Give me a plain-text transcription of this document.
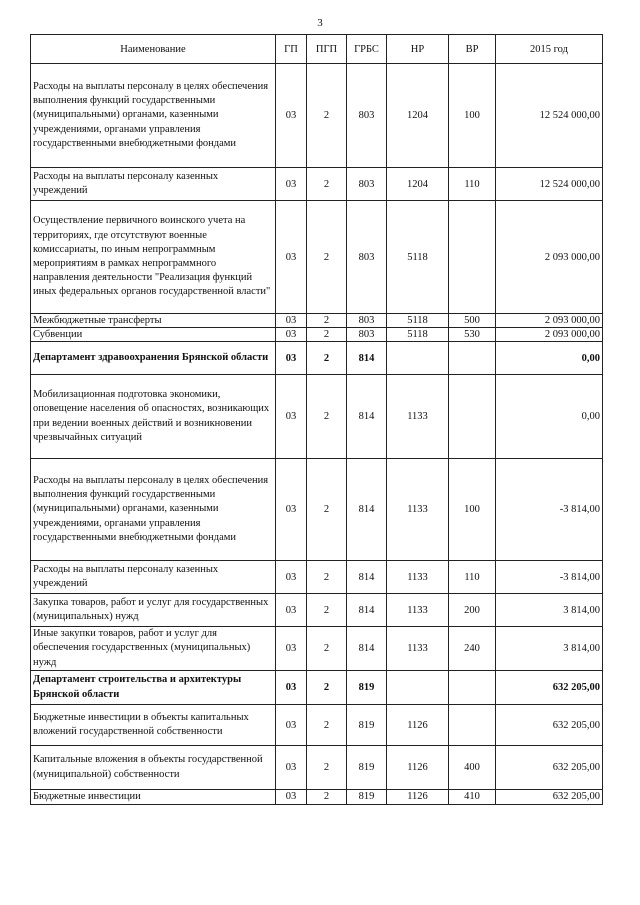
3
Наименование	ГП	ПГП	ГРБС	НР	ВР	2015 год
Расходы на выплаты персоналу в целях обеспечения выполнения функций государственными (муниципальными) органами, казенными учреждениями, органами управления государственными внебюджетными фондами	03	2	803	1204	100	12 524 000,00
Расходы на выплаты персоналу казенных учреждений	03	2	803	1204	110	12 524 000,00
Осуществление первичного воинского учета на территориях, где отсутствуют военные комиссариаты, по иным непрограммным мероприятиям в рамках непрограммного направления деятельности "Реализация функций иных федеральных органов государственной власти"	03	2	803	5118		2 093 000,00
Межбюджетные трансферты	03	2	803	5118	500	2 093 000,00
Субвенции	03	2	803	5118	530	2 093 000,00
Департамент здравоохранения Брянской области	03	2	814			0,00
Мобилизационная подготовка экономики, оповещение населения об опасностях, возникающих при ведении военных действий и возникновении чрезвычайных ситуаций	03	2	814	1133		0,00
Расходы на выплаты персоналу в целях обеспечения выполнения функций государственными (муниципальными) органами, казенными учреждениями, органами управления государственными внебюджетными фондами	03	2	814	1133	100	-3 814,00
Расходы на выплаты персоналу казенных учреждений	03	2	814	1133	110	-3 814,00
Закупка товаров, работ и услуг для государственных (муниципальных) нужд	03	2	814	1133	200	3 814,00
Иные закупки товаров, работ и услуг для обеспечения государственных (муниципальных) нужд	03	2	814	1133	240	3 814,00
Департамент строительства и архитектуры Брянской области	03	2	819			632 205,00
Бюджетные инвестиции в объекты капитальных вложений государственной собственности	03	2	819	1126		632 205,00
Капитальные вложения в объекты государственной (муниципальной) собственности	03	2	819	1126	400	632 205,00
Бюджетные инвестиции	03	2	819	1126	410	632 205,00
